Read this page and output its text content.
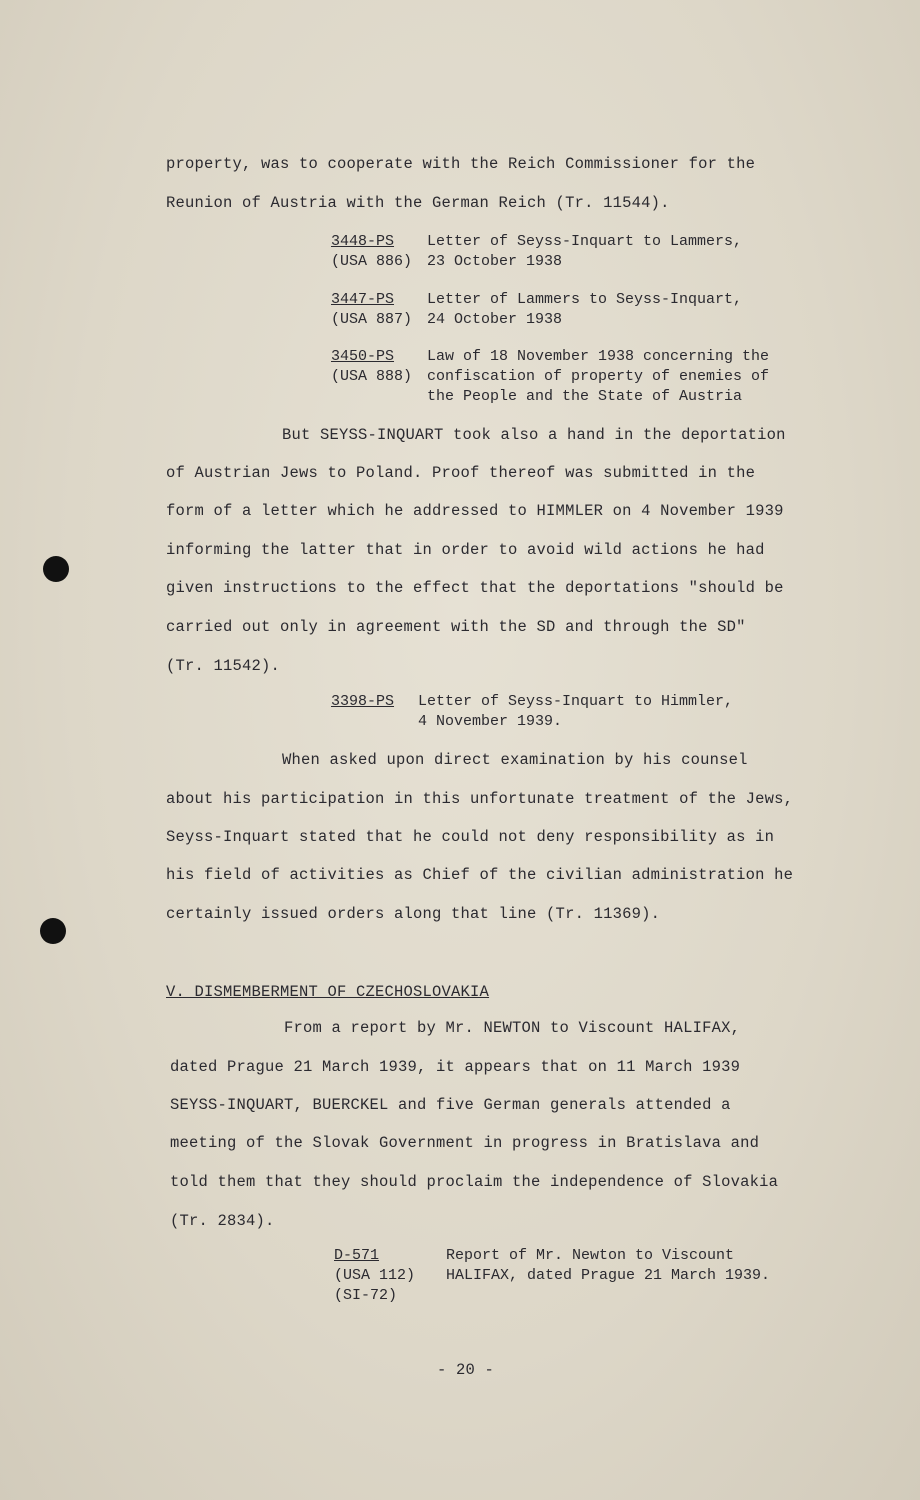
property, was to cooperate with the Reich Commissioner for the
Reunion of Austria with the German Reich (Tr. 11544).
3448-PS
(USA 886)
Letter of Seyss-Inquart to Lammers,
23 October 1938
3447-PS
(USA 887)
Letter of Lammers to Seyss-Inquart,
24 October 1938
3450-PS
(USA 888)
Law of 18 November 1938 concerning the
confiscation of property of enemies of
the People and the State of Austria
But SEYSS-INQUART took also a hand in the deportation
of Austrian Jews to Poland. Proof thereof was submitted in the
form of a letter which he addressed to HIMMLER on 4 November 1939
informing the latter that in order to avoid wild actions he had
given instructions to the effect that the deportations "should be
carried out only in agreement with the SD and through the SD"
(Tr. 11542).
3398-PS Letter of Seyss-Inquart to Himmler,
4 November 1939.
When asked upon direct examination by his counsel
about his participation in this unfortunate treatment of the Jews,
Seyss-Inquart stated that he could not deny responsibility as in
his field of activities as Chief of the civilian administration he
certainly issued orders along that line (Tr. 11369).
V. DISMEMBERMENT OF CZECHOSLOVAKIA
From a report by Mr. NEWTON to Viscount HALIFAX,
dated Prague 21 March 1939, it appears that on 11 March 1939
SEYSS-INQUART, BUERCKEL and five German generals attended a
meeting of the Slovak Government in progress in Bratislava and
told them that they should proclaim the independence of Slovakia
(Tr. 2834).
D-571
(USA 112)
(SI-72)
Report of Mr. Newton to Viscount
HALIFAX, dated Prague 21 March 1939.
- 20 -
